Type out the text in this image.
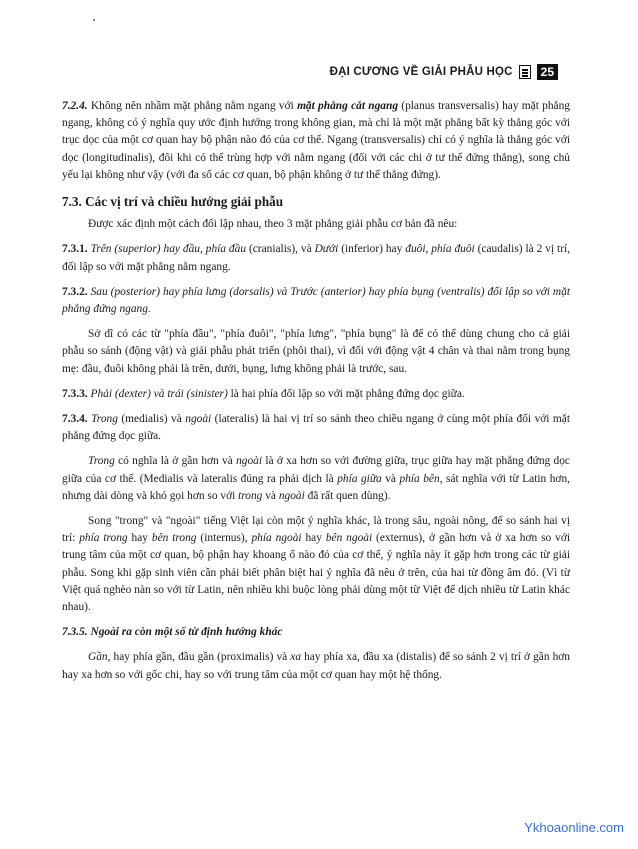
ĐẠI CƯƠNG VỀ GIẢI PHẪU HỌC	25

7.2.4. Không nên nhầm mặt phẳng nằm ngang với mặt phẳng cắt ngang (planus transversalis) hay mặt phẳng ngang, không có ý nghĩa quy ước định hướng trong không gian, mà chỉ là một mặt phẳng bất kỳ thẳng góc với trục dọc của một cơ quan hay bộ phận nào đó của cơ thể. Ngang (transversalis) chỉ có ý nghĩa là thẳng góc với dọc (longitudinalis), đôi khi có thể trùng hợp với nằm ngang (đối với các chi ở tư thế đứng thẳng), song chủ yếu lại không như vậy (với đa số các cơ quan, bộ phận không ở tư thế thẳng đứng).

7.3. Các vị trí và chiều hướng giải phẫu

Được xác định một cách đối lập nhau, theo 3 mặt phẳng giải phẫu cơ bản đã nêu:

7.3.1. Trên (superior) hay đầu, phía đầu (cranialis), và Dưới (inferior) hay đuôi, phía đuôi (caudalis) là 2 vị trí, đối lập so với mặt phẳng nằm ngang.

7.3.2. Sau (posterior) hay phía lưng (dorsalis) và Trước (anterior) hay phía bụng (ventralis) đối lập so với mặt phẳng đứng ngang.

Sở dĩ có các từ "phía đầu", "phía đuôi", "phía lưng", "phía bụng" là để có thể dùng chung cho cả giải phẫu so sánh (động vật) và giải phẫu phát triển (phôi thai), vì đối với động vật 4 chân và thai nằm trong bụng mẹ: đầu, đuôi không phải là trên, dưới, bụng, lưng không phải là trước, sau.

7.3.3. Phải (dexter) và trái (sinister) là hai phía đối lập so với mặt phẳng đứng dọc giữa.

7.3.4. Trong (medialis) và ngoài (lateralis) là hai vị trí so sánh theo chiều ngang ở cùng một phía đối với mặt phẳng đứng dọc giữa.

Trong có nghĩa là ở gần hơn và ngoài là ở xa hơn so với đường giữa, trục giữa hay mặt phẳng đứng dọc giữa của cơ thể. (Medialis và lateralis đúng ra phải dịch là phía giữa và phía bên, sát nghĩa với từ Latin hơn, nhưng dài dòng và khó gọi hơn so với trong và ngoài đã rất quen dùng).

Song "trong" và "ngoài" tiếng Việt lại còn một ý nghĩa khác, là trong sâu, ngoài nông, để so sánh hai vị trí: phía trong hay bên trong (internus), phía ngoài hay bên ngoài (externus), ở gần hơn và ở xa hơn so với trung tâm của một cơ quan, bộ phận hay khoang ổ nào đó của cơ thể, ý nghĩa này ít gặp hơn trong các từ giải phẫu. Song khi gặp sinh viên cần phải biết phân biệt hai ý nghĩa đã nêu ở trên, của hai từ đồng âm đó. (Vì từ Việt quá nghèo nàn so với từ Latin, nên nhiều khi buộc lòng phải dùng một từ Việt để dịch nhiều từ Latin khác nhau).

7.3.5. Ngoài ra còn một số từ định hướng khác

Gần, hay phía gần, đầu gần (proximalis) và xa hay phía xa, đầu xa (distalis) để so sánh 2 vị trí ở gần hơn hay xa hơn so với gốc chi, hay so với trung tâm của một cơ quan hay một hệ thống.

Ykhoaonline.com
